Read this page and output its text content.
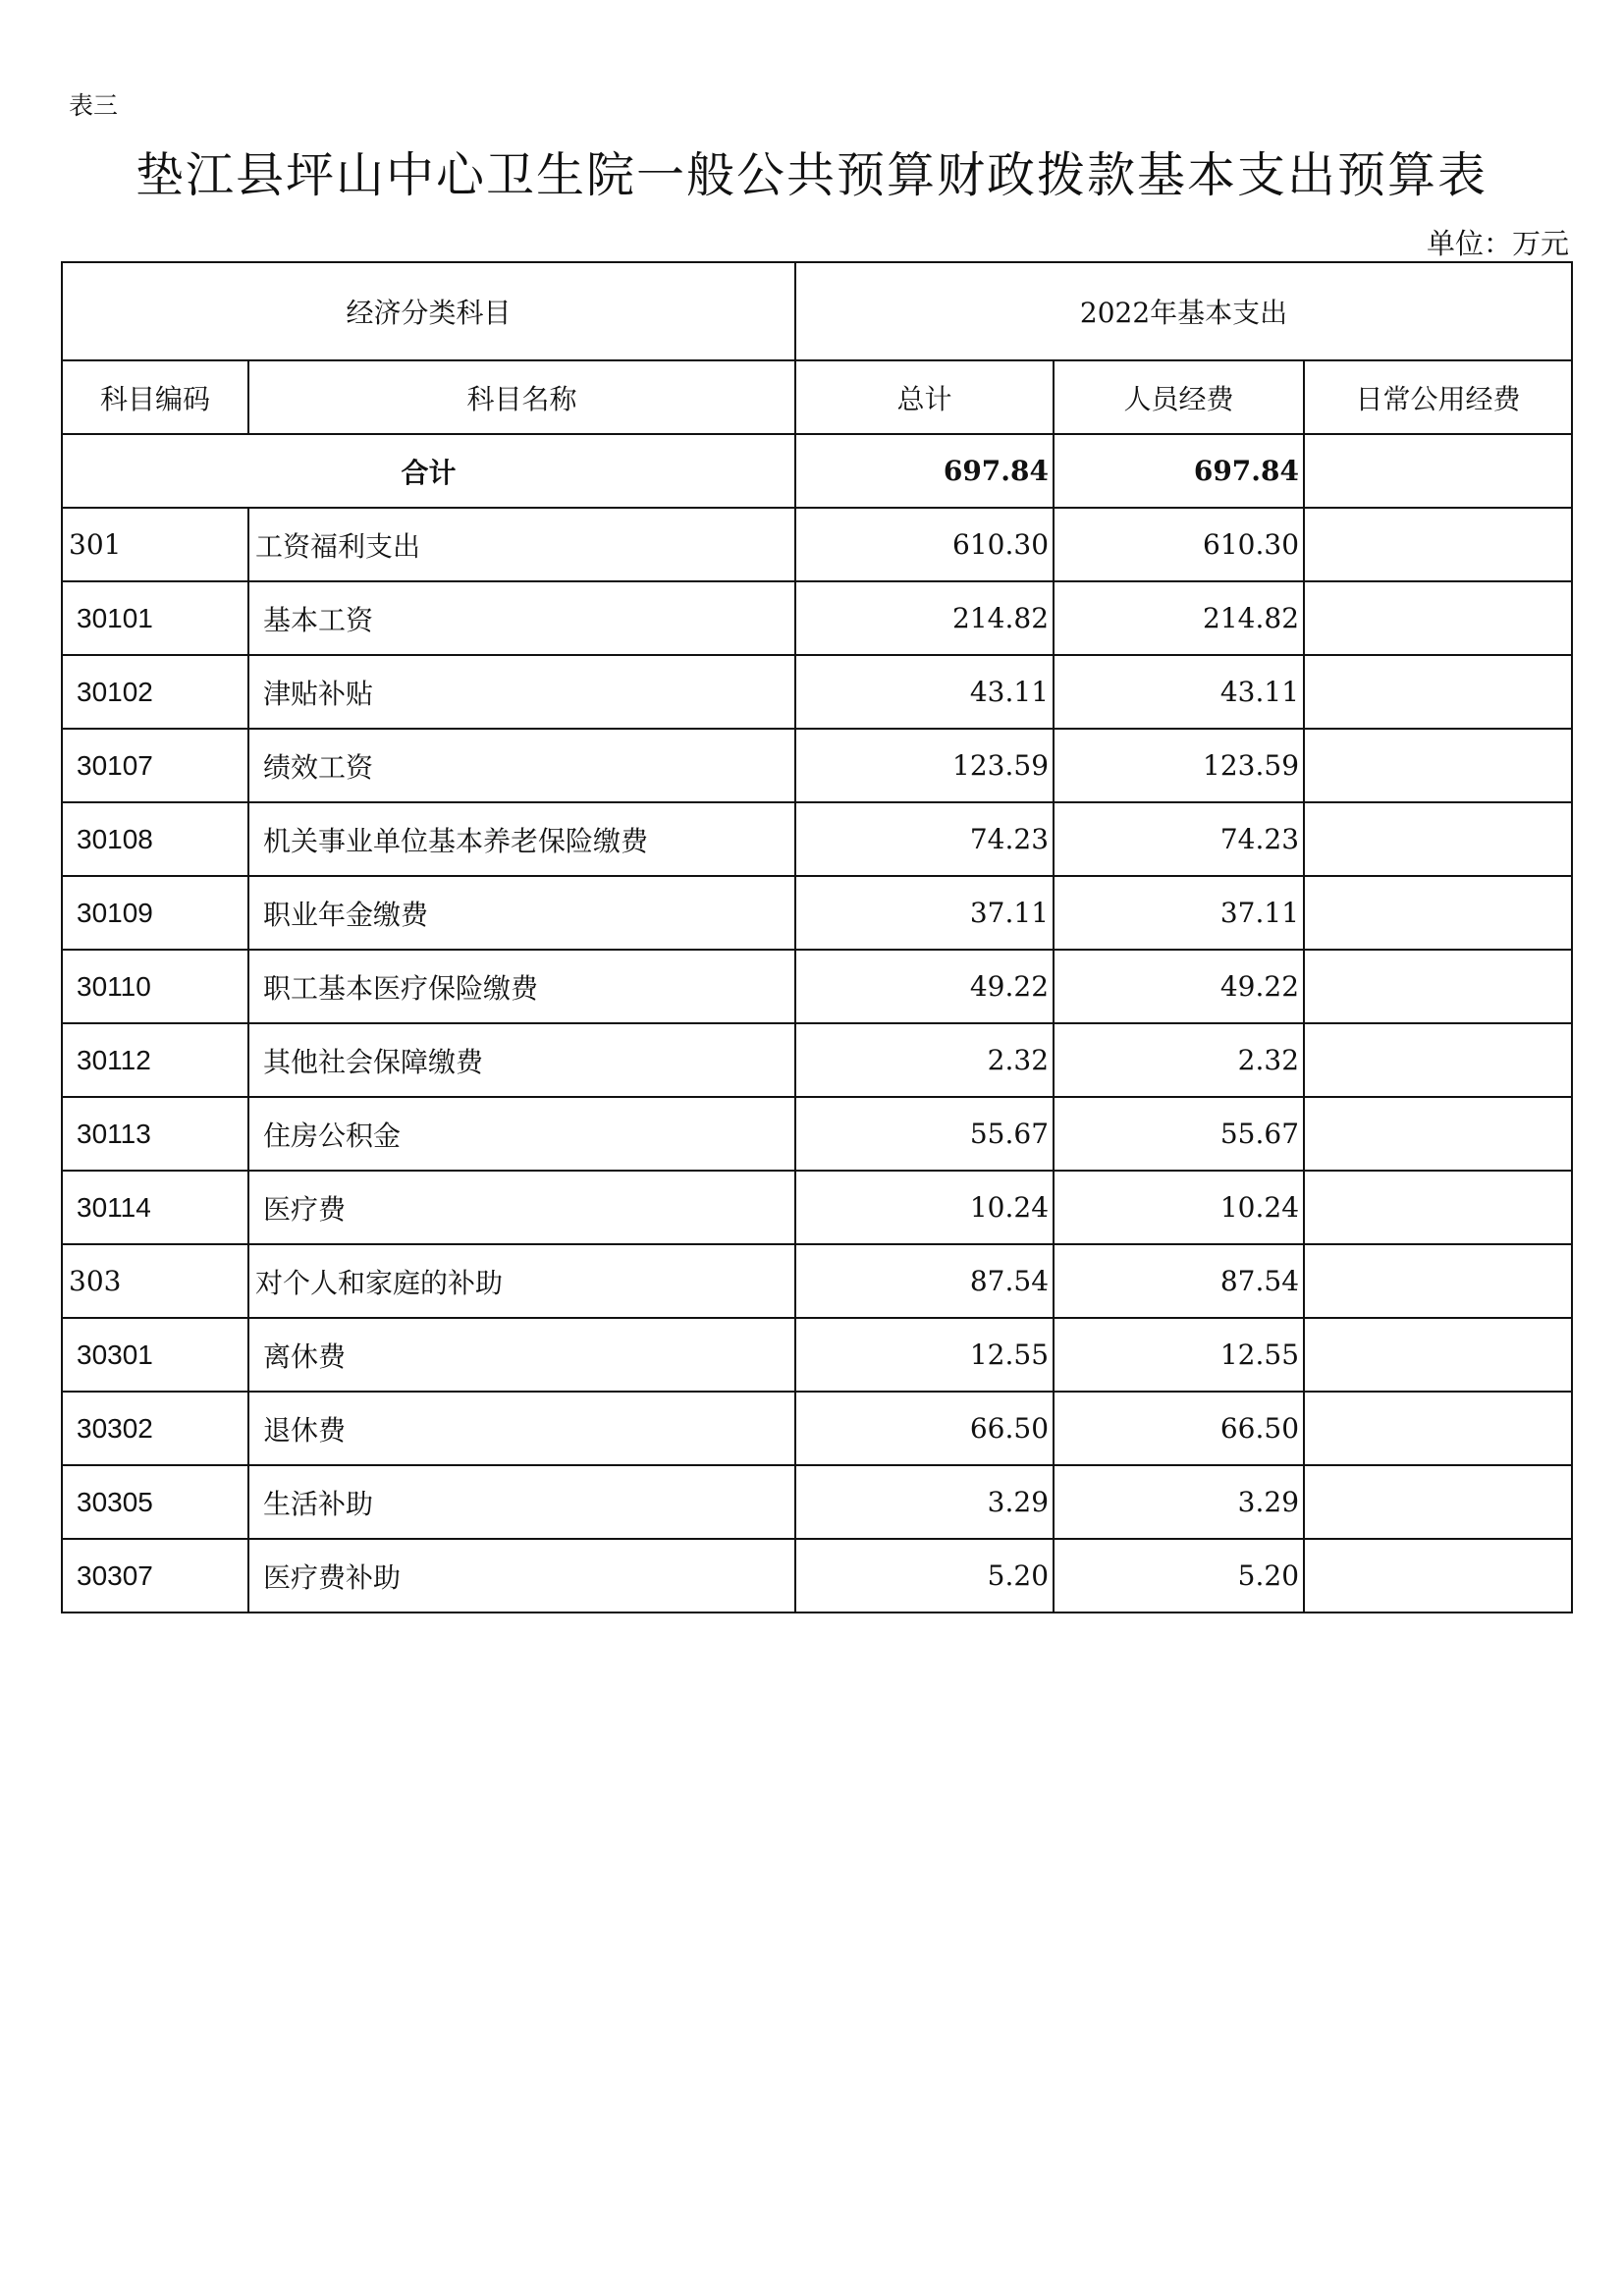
表三
垫江县坪山中心卫生院一般公共预算财政拨款基本支出预算表
单位：万元
经济分类科目		2022年基本支出		
科目编码	科目名称	总计	人员经费	日常公用经费
合计		697.84	697.84	
301	工资福利支出	610.30	610.30	
30101	基本工资	214.82	214.82	
30102	津贴补贴	43.11	43.11	
30107	绩效工资	123.59	123.59	
30108	机关事业单位基本养老保险缴费	74.23	74.23	
30109	职业年金缴费	37.11	37.11	
30110	职工基本医疗保险缴费	49.22	49.22	
30112	其他社会保障缴费	2.32	2.32	
30113	住房公积金	55.67	55.67	
30114	医疗费	10.24	10.24	
303	对个人和家庭的补助	87.54	87.54	
30301	离休费	12.55	12.55	
30302	退休费	66.50	66.50	
30305	生活补助	3.29	3.29	
30307	医疗费补助	5.20	5.20	
